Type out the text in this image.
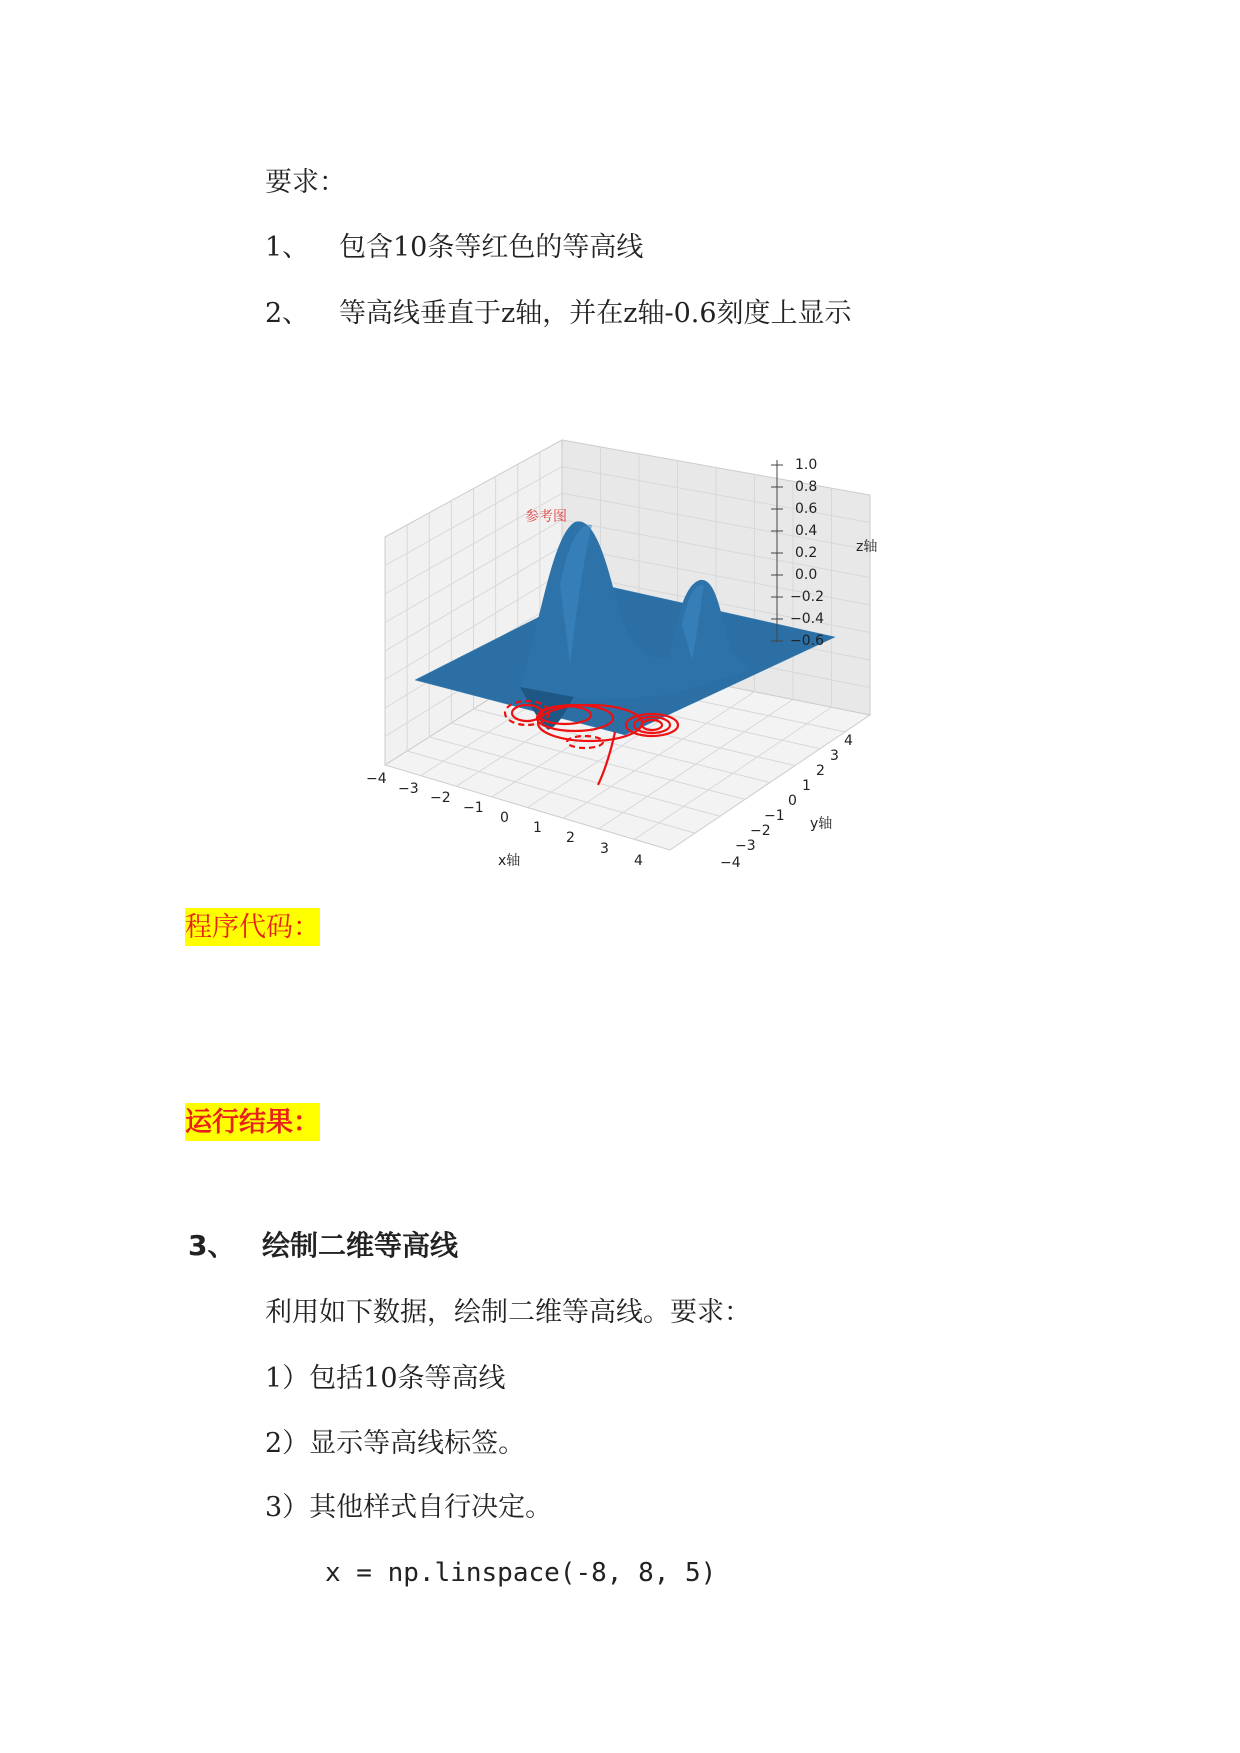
要求：
1、 包含10条等红色的等高线
2、 等高线垂直于z轴，并在z轴-0.6刻度上显示
参考图
1.0
0.8
0.6
0.4
0.2
0.0
−0.2
−0.4
−0.6
z轴
−4
−3
−2
−1
0
1
2
3
4
x轴	−4
−3
−2
−1
0
1
2
3
4
y轴
程序代码：
运行结果：
3、 绘制二维等高线
利用如下数据，绘制二维等高线。要求：
1）包括10条等高线
2）显示等高线标签。
3）其他样式自行决定。
x = np.linspace(-8, 8, 5)
